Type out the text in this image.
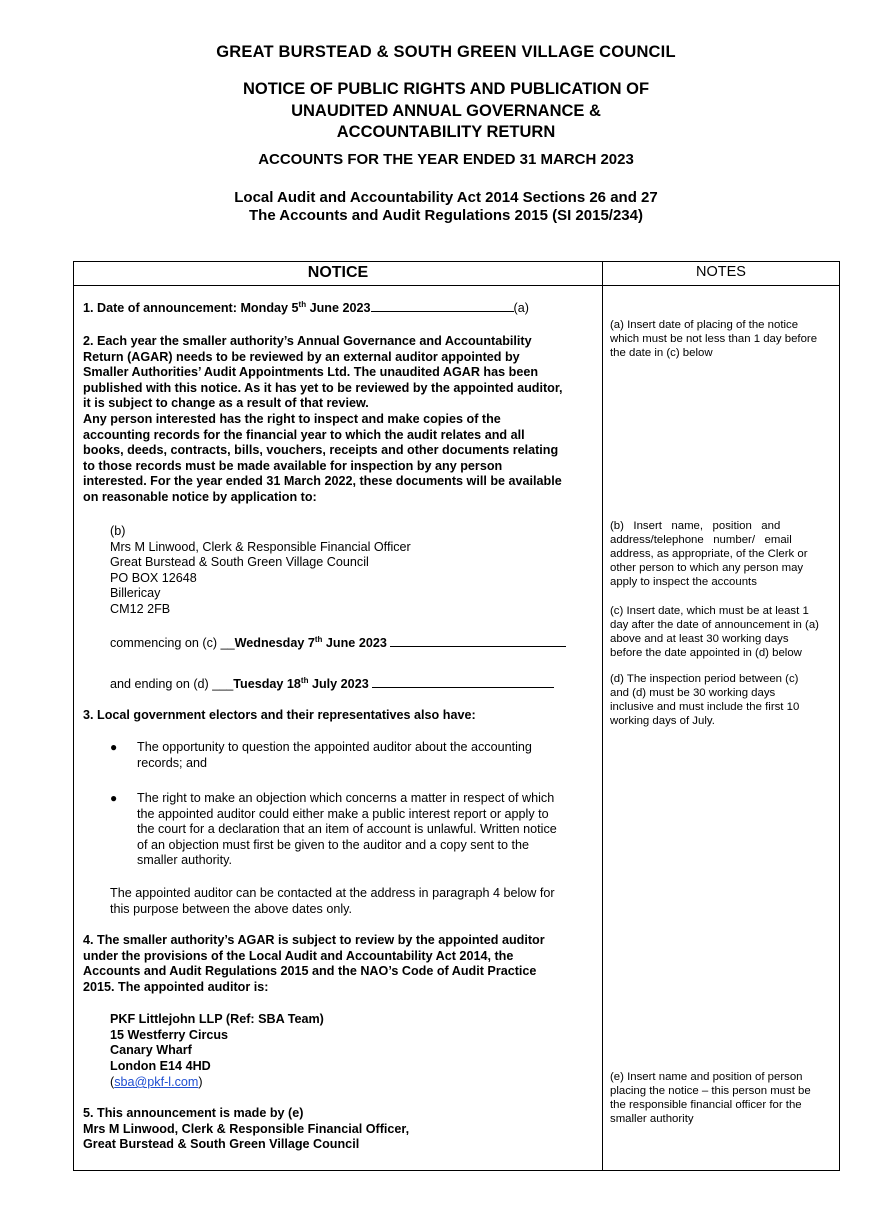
GREAT BURSTEAD & SOUTH GREEN VILLAGE COUNCIL
NOTICE OF PUBLIC RIGHTS AND PUBLICATION OF
UNAUDITED ANNUAL GOVERNANCE &
ACCOUNTABILITY RETURN
ACCOUNTS FOR THE YEAR ENDED 31 MARCH 2023
Local Audit and Accountability Act 2014 Sections 26 and 27
The Accounts and Audit Regulations 2015 (SI 2015/234)
NOTICE	NOTES
1. Date of announcement: Monday 5th June 2023	(a)
2. Each year the smaller authority’s Annual Governance and Accountability
Return (AGAR) needs to be reviewed by an external auditor appointed by
Smaller Authorities’ Audit Appointments Ltd. The unaudited AGAR has been
published with this notice. As it has yet to be reviewed by the appointed auditor,
it is subject to change as a result of that review.
Any person interested has the right to inspect and make copies of the
accounting records for the financial year to which the audit relates and all
books, deeds, contracts, bills, vouchers, receipts and other documents relating
to those records must be made available for inspection by any person
interested. For the year ended 31 March 2022, these documents will be available
on reasonable notice by application to:
(b)
Mrs M Linwood, Clerk & Responsible Financial Officer
Great Burstead & South Green Village Council
PO BOX 12648
Billericay
CM12 2FB
commencing on (c) __Wednesday 7th June 2023
and ending on (d) ___Tuesday 18th July 2023
3. Local government electors and their representatives also have:
● The opportunity to question the appointed auditor about the accounting
records; and
● The right to make an objection which concerns a matter in respect of which
the appointed auditor could either make a public interest report or apply to
the court for a declaration that an item of account is unlawful. Written notice
of an objection must first be given to the auditor and a copy sent to the
smaller authority.
The appointed auditor can be contacted at the address in paragraph 4 below for
this purpose between the above dates only.
4. The smaller authority’s AGAR is subject to review by the appointed auditor
under the provisions of the Local Audit and Accountability Act 2014, the
Accounts and Audit Regulations 2015 and the NAO’s Code of Audit Practice
2015. The appointed auditor is:
PKF Littlejohn LLP (Ref: SBA Team)
15 Westferry Circus
Canary Wharf
London E14 4HD
(sba@pkf-l.com)
5. This announcement is made by (e)
Mrs M Linwood, Clerk & Responsible Financial Officer,
Great Burstead & South Green Village Council
(a) Insert date of placing of the notice
which must be not less than 1 day before
the date in (c) below
(b)   Insert   name,   position   and
address/telephone   number/   email
address, as appropriate, of the Clerk or
other person to which any person may
apply to inspect the accounts
(c) Insert date, which must be at least 1
day after the date of announcement in (a)
above and at least 30 working days
before the date appointed in (d) below
(d) The inspection period between (c)
and (d) must be 30 working days
inclusive and must include the first 10
working days of July.
(e) Insert name and position of person
placing the notice – this person must be
the responsible financial officer for the
smaller authority
